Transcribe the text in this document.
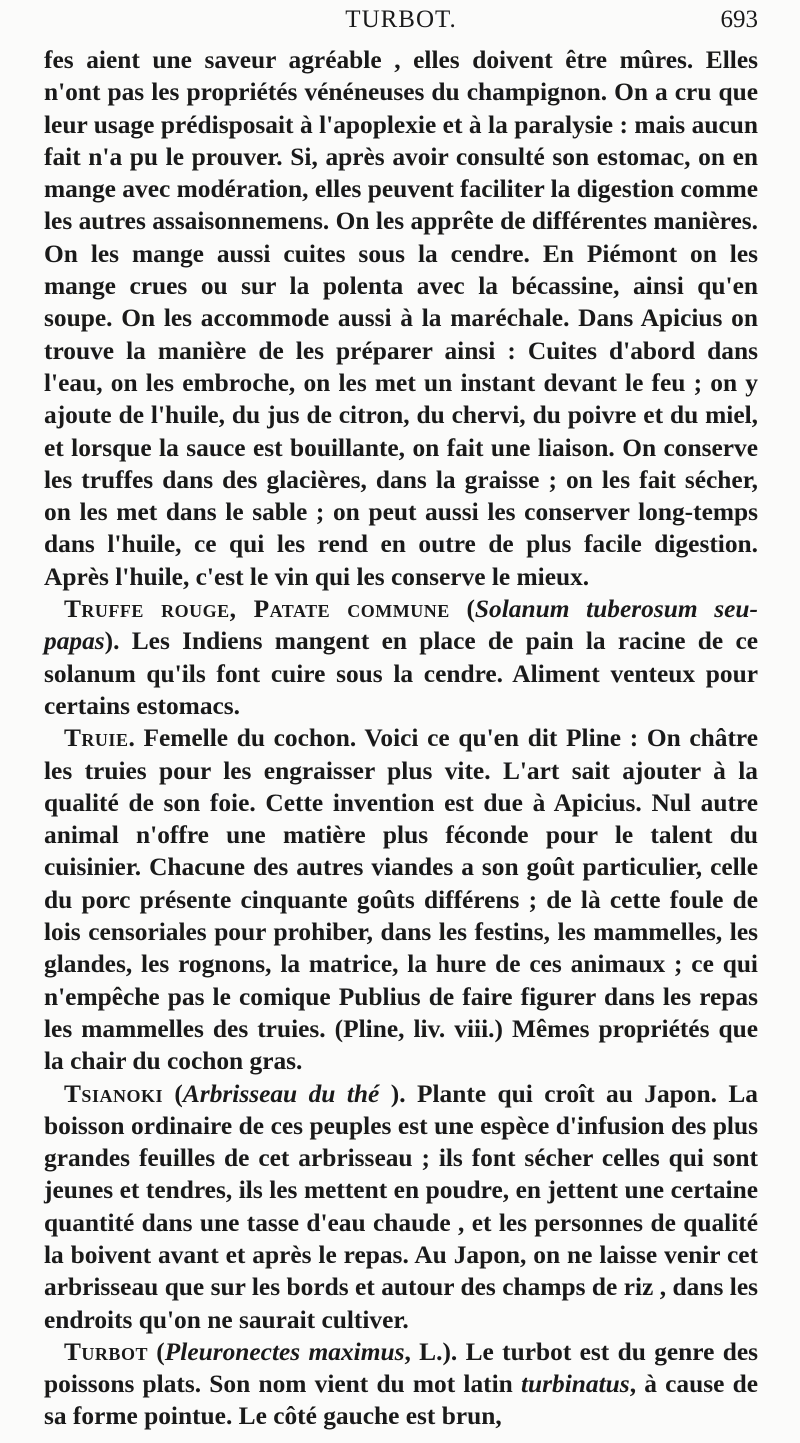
TURBOT.	693

fes aient une saveur agréable , elles doivent être mûres. Elles n'ont pas les propriétés vénéneuses du champignon. On a cru que leur usage prédisposait à l'apoplexie et à la paralysie : mais aucun fait n'a pu le prouver. Si, après avoir consulté son estomac, on en mange avec modération, elles peuvent faciliter la digestion comme les autres assaisonnemens. On les apprête de différentes manières. On les mange aussi cuites sous la cendre. En Piémont on les mange crues ou sur la polenta avec la bécassine, ainsi qu'en soupe. On les accommode aussi à la maréchale. Dans Apicius on trouve la manière de les préparer ainsi : Cuites d'abord dans l'eau, on les embroche, on les met un instant devant le feu ; on y ajoute de l'huile, du jus de citron, du chervi, du poivre et du miel, et lorsque la sauce est bouillante, on fait une liaison. On conserve les truffes dans des glacières, dans la graisse ; on les fait sécher, on les met dans le sable ; on peut aussi les conserver long-temps dans l'huile, ce qui les rend en outre de plus facile digestion. Après l'huile, c'est le vin qui les conserve le mieux.

Truffe rouge, Patate commune (Solanum tuberosum seu-papas). Les Indiens mangent en place de pain la racine de ce solanum qu'ils font cuire sous la cendre. Aliment venteux pour certains estomacs.

Truie. Femelle du cochon. Voici ce qu'en dit Pline : On châtre les truies pour les engraisser plus vite. L'art sait ajouter à la qualité de son foie. Cette invention est due à Apicius. Nul autre animal n'offre une matière plus féconde pour le talent du cuisinier. Chacune des autres viandes a son goût particulier, celle du porc présente cinquante goûts différens ; de là cette foule de lois censoriales pour prohiber, dans les festins, les mammelles, les glandes, les rognons, la matrice, la hure de ces animaux ; ce qui n'empêche pas le comique Publius de faire figurer dans les repas les mammelles des truies. (Pline, liv. viii.) Mêmes propriétés que la chair du cochon gras.

Tsianoki (Arbrisseau du thé ). Plante qui croît au Japon. La boisson ordinaire de ces peuples est une espèce d'infusion des plus grandes feuilles de cet arbrisseau ; ils font sécher celles qui sont jeunes et tendres, ils les mettent en poudre, en jettent une certaine quantité dans une tasse d'eau chaude , et les personnes de qualité la boivent avant et après le repas. Au Japon, on ne laisse venir cet arbrisseau que sur les bords et autour des champs de riz , dans les endroits qu'on ne saurait cultiver.

Turbot (Pleuronectes maximus, L.). Le turbot est du genre des poissons plats. Son nom vient du mot latin turbinatus, à cause de sa forme pointue. Le côté gauche est brun,
